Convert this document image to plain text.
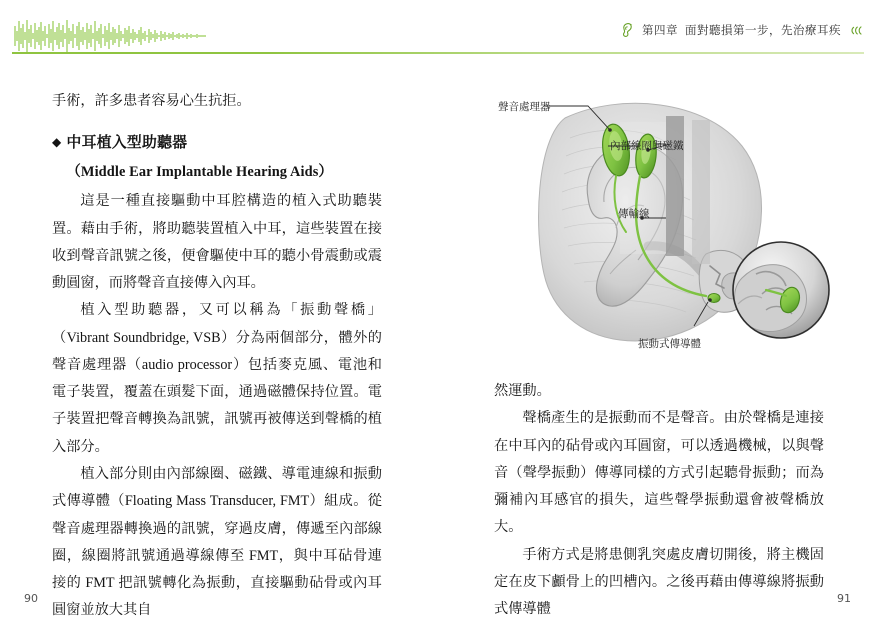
第四章 面對聽損第一步，先治療耳疾

手術，許多患者容易心生抗拒。

◆ 中耳植入型助聽器
（Middle Ear Implantable Hearing Aids）

這是一種直接驅動中耳腔構造的植入式助聽裝置。藉由手術，將助聽裝置植入中耳，這些裝置在接收到聲音訊號之後，便會驅使中耳的聽小骨震動或震動圓窗，而將聲音直接傳入內耳。

植入型助聽器，又可以稱為「振動聲橋」（Vibrant Soundbridge, VSB）分為兩個部分，體外的聲音處理器（audio processor）包括麥克風、電池和電子裝置，覆蓋在頭髮下面，通過磁體保持位置。電子裝置把聲音轉換為訊號，訊號再被傳送到聲橋的植入部分。

植入部分則由內部線圈、磁鐵、導電連線和振動式傳導體（Floating Mass Transducer, FMT）組成。從聲音處理器轉換過的訊號，穿過皮膚，傳遞至內部線圈，線圈將訊號通過導線傳至 FMT，與中耳砧骨連接的 FMT 把訊號轉化為振動，直接驅動砧骨或內耳圓窗並放大其自

聲音處理器
內部線圈與磁鐵
傳輸線
振動式傳導體

然運動。

聲橋產生的是振動而不是聲音。由於聲橋是連接在中耳內的砧骨或內耳圓窗，可以透過機械，以與聲音（聲學振動）傳導同樣的方式引起聽骨振動；而為彌補內耳感官的損失，這些聲學振動還會被聲橋放大。

手術方式是將患側乳突處皮膚切開後，將主機固定在皮下顱骨上的凹槽內。之後再藉由傳導線將振動式傳導體

90	91
